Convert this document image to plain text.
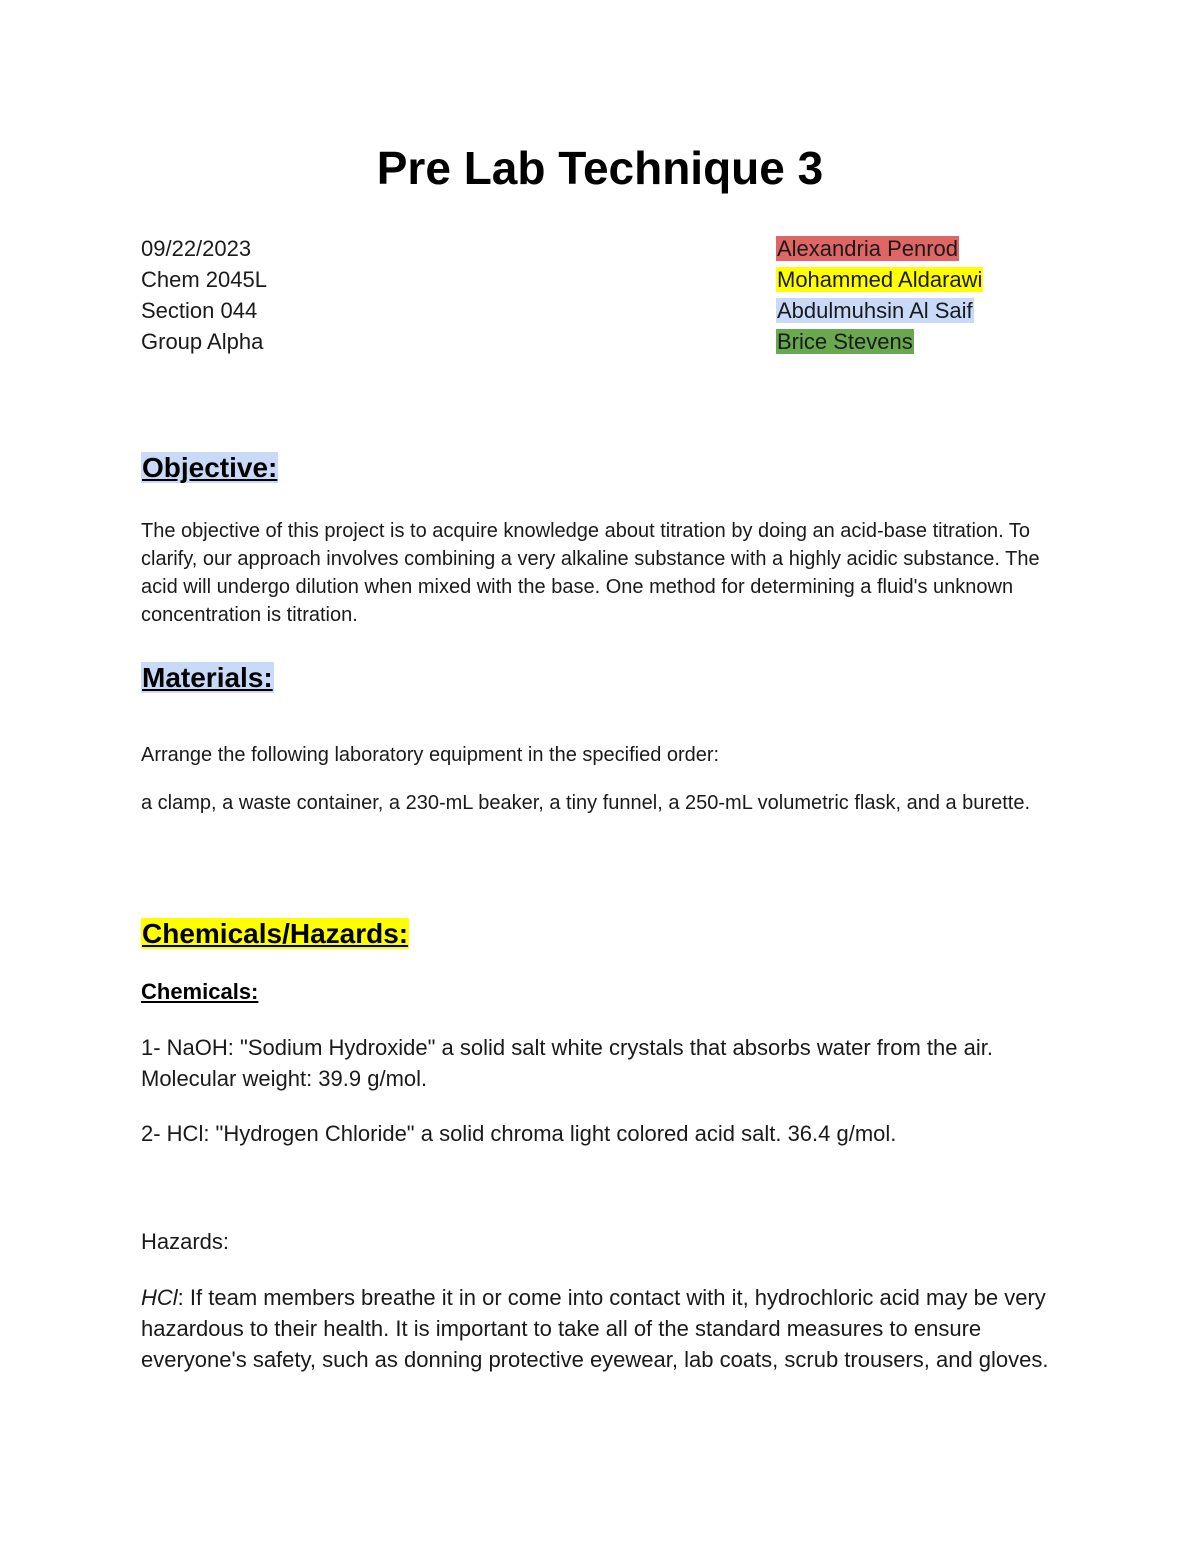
Pre Lab Technique 3
09/22/2023
Chem 2045L
Section 044
Group Alpha
Alexandria Penrod
Mohammed Aldarawi
Abdulmuhsin Al Saif
Brice Stevens
Objective:
The objective of this project is to acquire knowledge about titration by doing an acid-base titration. To clarify, our approach involves combining a very alkaline substance with a highly acidic substance. The acid will undergo dilution when mixed with the base. One method for determining a fluid's unknown concentration is titration.
Materials:
Arrange the following laboratory equipment in the specified order:
a clamp, a waste container, a 230-mL beaker, a tiny funnel, a 250-mL volumetric flask, and a burette.
Chemicals/Hazards:
Chemicals:
1- NaOH: "Sodium Hydroxide" a solid salt white crystals that absorbs water from the air. Molecular weight: 39.9 g/mol.
2- HCl: "Hydrogen Chloride" a solid chroma light colored acid salt. 36.4 g/mol.
Hazards:
HCl: If team members breathe it in or come into contact with it, hydrochloric acid may be very hazardous to their health. It is important to take all of the standard measures to ensure everyone's safety, such as donning protective eyewear, lab coats, scrub trousers, and gloves.
